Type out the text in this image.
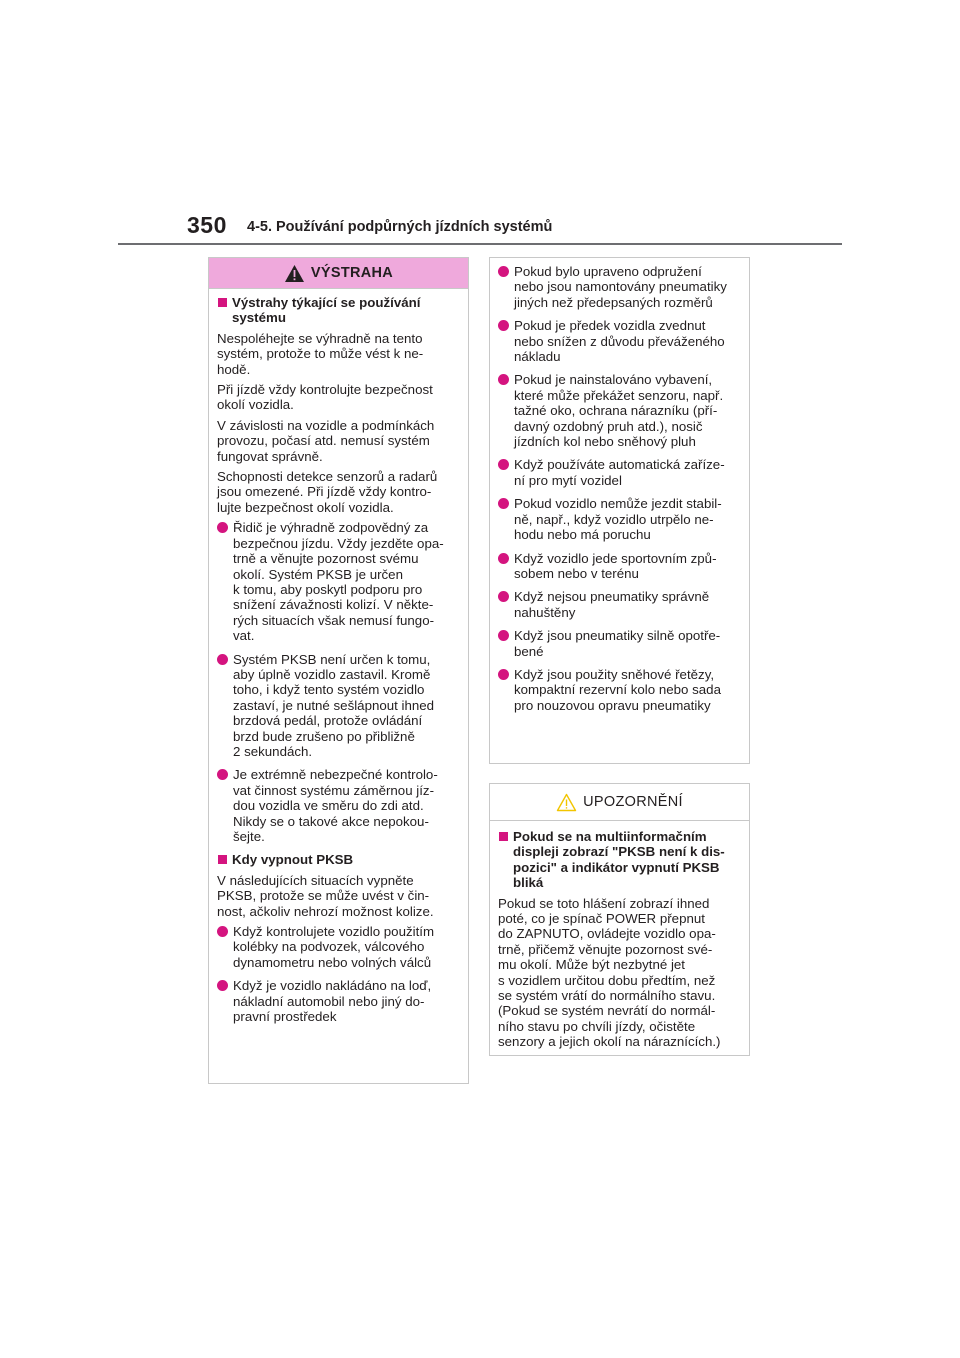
350 4-5. Používání podpůrných jízdních systémů
VÝSTRAHA
Výstrahy týkající se používání
systému
Nespoléhejte se výhradně na tento
systém, protože to může vést k ne-
hodě.
Při jízdě vždy kontrolujte bezpečnost
okolí vozidla.
V závislosti na vozidle a podmínkách
provozu, počasí atd. nemusí systém
fungovat správně.
Schopnosti detekce senzorů a radarů
jsou omezené. Při jízdě vždy kontro-
lujte bezpečnost okolí vozidla.
Řidič je výhradně zodpovědný za
bezpečnou jízdu. Vždy jezděte opa-
trně a věnujte pozornost svému
okolí. Systém PKSB je určen
k tomu, aby poskytl podporu pro
snížení závažnosti kolizí. V někte-
rých situacích však nemusí fungo-
vat.
Systém PKSB není určen k tomu,
aby úplně vozidlo zastavil. Kromě
toho, i když tento systém vozidlo
zastaví, je nutné sešlápnout ihned
brzdová pedál, protože ovládání
brzd bude zrušeno po přibližně
2 sekundách.
Je extrémně nebezpečné kontrolo-
vat činnost systému záměrnou jíz-
dou vozidla ve směru do zdi atd.
Nikdy se o takové akce nepokou-
šejte.
Kdy vypnout PKSB
V následujících situacích vypněte
PKSB, protože se může uvést v čin-
nost, ačkoliv nehrozí možnost kolize.
Když kontrolujete vozidlo použitím
kolébky na podvozek, válcového
dynamometru nebo volných válců
Když je vozidlo nakládáno na loď,
nákladní automobil nebo jiný do-
pravní prostředek
Pokud bylo upraveno odpružení
nebo jsou namontovány pneumatiky
jiných než předepsaných rozměrů
Pokud je předek vozidla zvednut
nebo snížen z důvodu převáženého
nákladu
Pokud je nainstalováno vybavení,
které může překážet senzoru, např.
tažné oko, ochrana nárazníku (pří-
davný ozdobný pruh atd.), nosič
jízdních kol nebo sněhový pluh
Když používáte automatická zaříze-
ní pro mytí vozidel
Pokud vozidlo nemůže jezdit stabil-
ně, např., když vozidlo utrpělo ne-
hodu nebo má poruchu
Když vozidlo jede sportovním způ-
sobem nebo v terénu
Když nejsou pneumatiky správně
nahuštěny
Když jsou pneumatiky silně opotře-
bené
Když jsou použity sněhové řetězy,
kompaktní rezervní kolo nebo sada
pro nouzovou opravu pneumatiky
UPOZORNĚNÍ
Pokud se na multiinformačním
displeji zobrazí "PKSB není k dis-
pozici" a indikátor vypnutí PKSB
bliká
Pokud se toto hlášení zobrazí ihned
poté, co je spínač POWER přepnut
do ZAPNUTO, ovládejte vozidlo opa-
trně, přičemž věnujte pozornost své-
mu okolí. Může být nezbytné jet
s vozidlem určitou dobu předtím, než
se systém vrátí do normálního stavu.
(Pokud se systém nevrátí do normál-
ního stavu po chvíli jízdy, očistěte
senzory a jejich okolí na náraznících.)
